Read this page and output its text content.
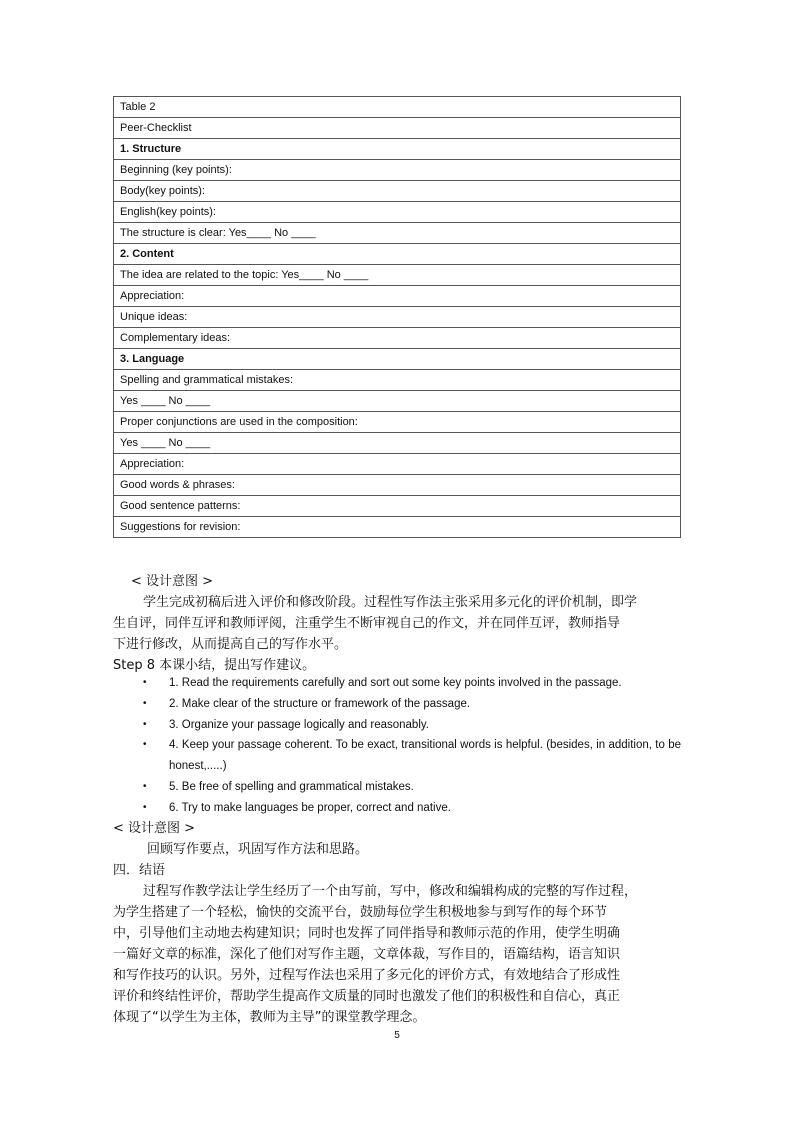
Table 2
Peer-Checklist
1. Structure
Beginning (key points):
Body(key points):
English(key points):
The structure is clear: Yes____ No ____
2. Content
The idea are related to the topic: Yes____ No ____
Appreciation:
Unique ideas:
Complementary ideas:
3. Language
Spelling and grammatical mistakes:
Yes ____ No ____
Proper conjunctions are used in the composition:
Yes ____ No ____
Appreciation:
Good words & phrases:
Good sentence patterns:
Suggestions for revision:
< 设计意图 >
学生完成初稿后进入评价和修改阶段。过程性写作法主张采用多元化的评价机制，即学
生自评，同伴互评和教师评阅，注重学生不断审视自己的作文，并在同伴互评，教师指导
下进行修改，从而提高自己的写作水平。
Step 8 本课小结，提出写作建议。
• 1. Read the requirements carefully and sort out some key points involved in the passage.
• 2. Make clear of the structure or framework of the passage.
• 3. Organize your passage logically and reasonably.
• 4. Keep your passage coherent. To be exact, transitional words is helpful. (besides, in addition, to be honest,.....)
• 5. Be free of spelling and grammatical mistakes.
• 6. Try to make languages be proper, correct and native.
< 设计意图 >
回顾写作要点，巩固写作方法和思路。
四．结语
过程写作教学法让学生经历了一个由写前，写中，修改和编辑构成的完整的写作过程，
为学生搭建了一个轻松，愉快的交流平台，鼓励每位学生积极地参与到写作的每个环节
中，引导他们主动地去构建知识；同时也发挥了同伴指导和教师示范的作用，使学生明确
一篇好文章的标准，深化了他们对写作主题，文章体裁，写作目的，语篇结构，语言知识
和写作技巧的认识。另外，过程写作法也采用了多元化的评价方式，有效地结合了形成性
评价和终结性评价，帮助学生提高作文质量的同时也激发了他们的积极性和自信心，真正
体现了“以学生为主体，教师为主导”的课堂教学理念。
5
